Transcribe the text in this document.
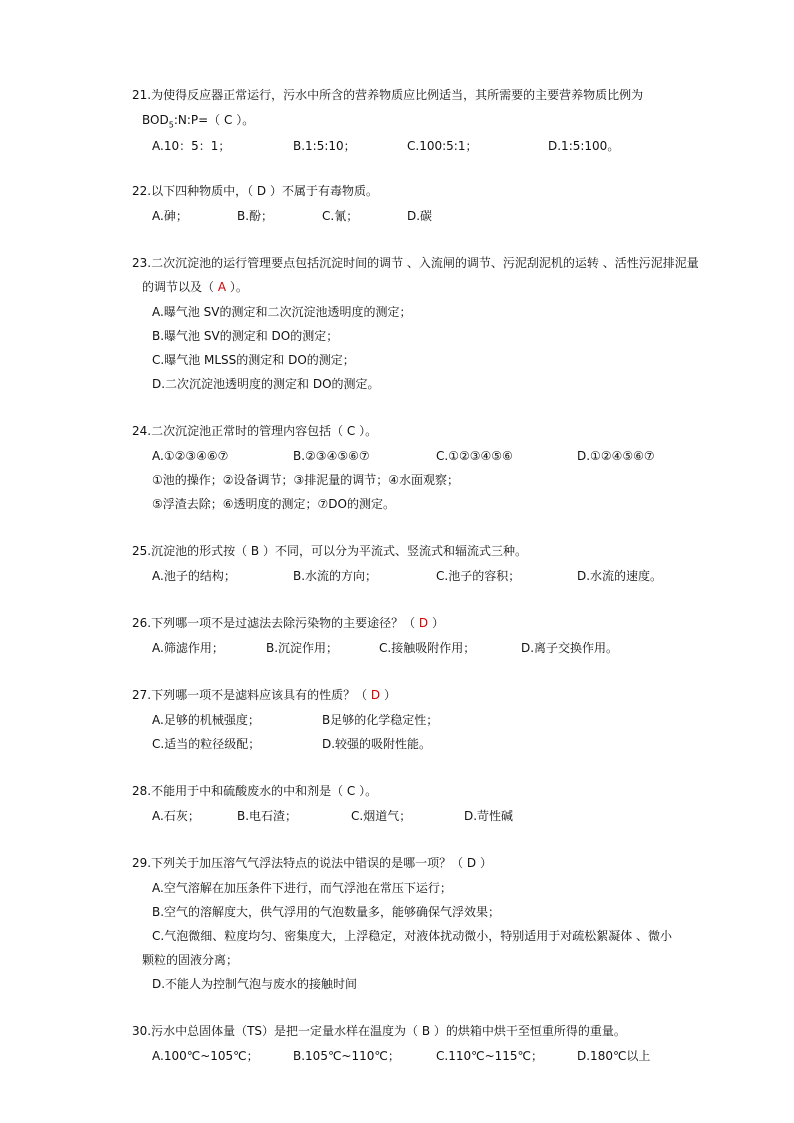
21.为使得反应器正常运行，污水中所含的营养物质应比例适当，其所需要的主要营养物质比例为
$BOD_5:N:P=$（ C ）。
A.10：5：1；	B.1:5:10；	C.100:5:1；	D.1:5:100。
22.以下四种物质中，（ D ）不属于有毒物质。
A.砷；	B.酚；	C.氰；	D.碳
23.二次沉淀池的运行管理要点包括沉淀时间的调节 、入流闸的调节、污泥刮泥机的运转 、活性污泥排泥量
的调节以及（ A ）。
A.曝气池 SV的测定和二次沉淀池透明度的测定；
B.曝气池 SV的测定和 DO的测定；
C.曝气池 MLSS的测定和 DO的测定；
D.二次沉淀池透明度的测定和 DO的测定。
24.二次沉淀池正常时的管理内容包括（ C ）。
A.①②③④⑥⑦	B.②③④⑤⑥⑦	C.①②③④⑤⑥	D.①②④⑤⑥⑦
①池的操作；②设备调节；③排泥量的调节；④水面观察；
⑤浮渣去除；⑥透明度的测定；⑦DO的测定。
25.沉淀池的形式按（ B ）不同，可以分为平流式、竖流式和辐流式三种。
A.池子的结构；	B.水流的方向；	C.池子的容积；	D.水流的速度。
26.下列哪一项不是过滤法去除污染物的主要途径？（ D ）
A.筛滤作用；	B.沉淀作用；	C.接触吸附作用；	D.离子交换作用。
27.下列哪一项不是滤料应该具有的性质？（ D ）
A.足够的机械强度；	B足够的化学稳定性；
C.适当的粒径级配；	D.较强的吸附性能。
28.不能用于中和硫酸废水的中和剂是（ C ）。
A.石灰；	B.电石渣；	C.烟道气；	D.苛性碱
29.下列关于加压溶气气浮法特点的说法中错误的是哪一项？（ D ）
A.空气溶解在加压条件下进行，而气浮池在常压下运行；
B.空气的溶解度大，供气浮用的气泡数量多，能够确保气浮效果；
C.气泡微细、粒度均匀、密集度大，上浮稳定，对液体扰动微小，特别适用于对疏松絮凝体 、微小
颗粒的固液分离；
D.不能人为控制气泡与废水的接触时间
30.污水中总固体量（TS）是把一定量水样在温度为（ B ）的烘箱中烘干至恒重所得的重量。
A.100℃~105℃；	B.105℃~110℃；	C.110℃~115℃；	D.180℃以上
